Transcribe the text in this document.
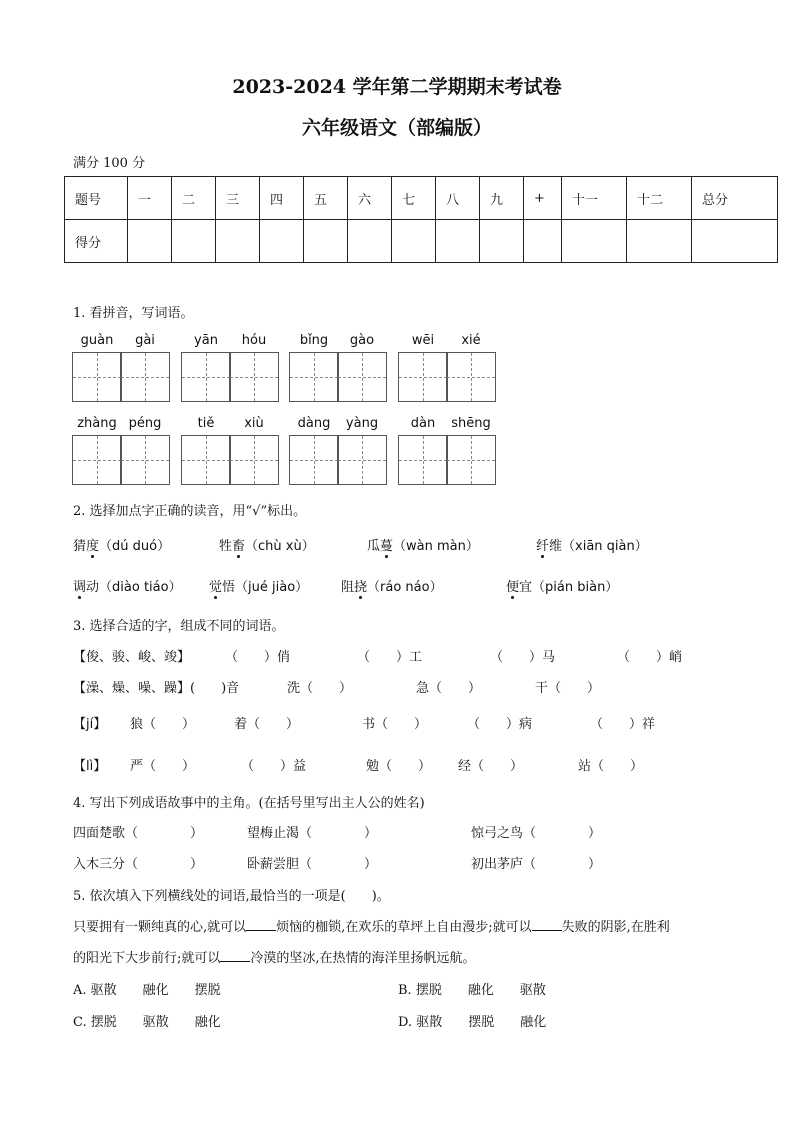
2023-2024 学年第二学期期末考试卷
六年级语文（部编版）
满分 100 分
题号	一	二	三	四	五	六	七	八	九	+	十一	十二	总分
得分													
1. 看拼音，写词语。
guàn	gài	yān	hóu	bǐng	gào	wēi	xié
zhàng péng	tiě	xiù	dàng	yàng	dàn	shēng
2. 选择加点字正确的读音，用“√”标出。
猜度（dú duó）	牲畜（chù xù）	瓜蔓（wàn màn）	纤维（xiān qiàn）
调动（diào tiáo） 觉悟（jué jiào）	阻挠（ráo náo）	便宜（pián biàn）
3. 选择合适的字，组成不同的词语。
【俊、骏、峻、竣】	（　　）俏	（　　）工	（　　）马	（　　）峭
【澡、燥、噪、躁】(　　)音	洗（　　）	急（　　）	干（　　）
【jí】 狼（　　）	着（　　）	书（　　）	（　　）病	（　　）祥
【lì】 严（　　）	（　　）益	勉（　　） 经（　　）	站（　　）
4. 写出下列成语故事中的主角。(在括号里写出主人公的姓名)
四面楚歌（　　　　）	望梅止渴（　　　　）	惊弓之鸟（　　　　）
入木三分（　　　　）	卧薪尝胆（　　　　）	初出茅庐（　　　　）
5. 依次填入下列横线处的词语,最恰当的一项是(　　)。
只要拥有一颗纯真的心,就可以 烦恼的枷锁,在欢乐的草坪上自由漫步;就可以 失败的阴影,在胜利
的阳光下大步前行;就可以 冷漠的坚冰,在热情的海洋里扬帆远航。
A. 驱散　　融化　　摆脱	B. 摆脱　　融化　　驱散
C. 摆脱　　驱散　　融化	D. 驱散　　摆脱　　融化
